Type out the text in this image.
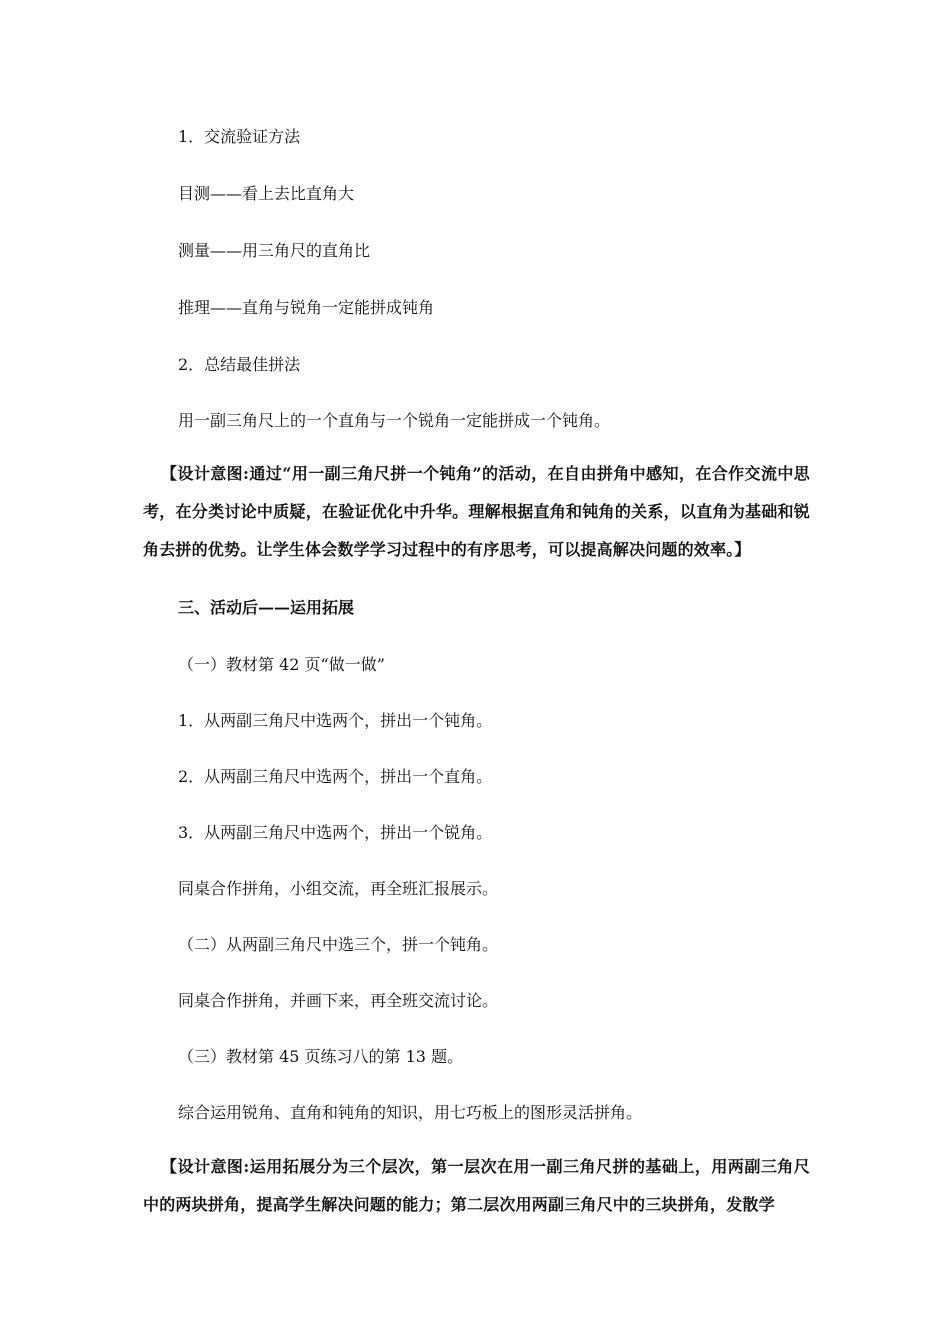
1．交流验证方法
目测——看上去比直角大
测量——用三角尺的直角比
推理——直角与锐角一定能拼成钝角
2．总结最佳拼法
用一副三角尺上的一个直角与一个锐角一定能拼成一个钝角。
【设计意图:通过“用一副三角尺拼一个钝角”的活动，在自由拼角中感知，在合作交流中思考，在分类讨论中质疑，在验证优化中升华。理解根据直角和钝角的关系，以直角为基础和锐角去拼的优势。让学生体会数学学习过程中的有序思考，可以提高解决问题的效率。】
三、活动后——运用拓展
（一）教材第 42 页“做一做”
1．从两副三角尺中选两个，拼出一个钝角。
2．从两副三角尺中选两个，拼出一个直角。
3．从两副三角尺中选两个，拼出一个锐角。
同桌合作拼角，小组交流，再全班汇报展示。
（二）从两副三角尺中选三个，拼一个钝角。
同桌合作拼角，并画下来，再全班交流讨论。
（三）教材第 45 页练习八的第 13 题。
综合运用锐角、直角和钝角的知识，用七巧板上的图形灵活拼角。
【设计意图:运用拓展分为三个层次，第一层次在用一副三角尺拼的基础上，用两副三角尺中的两块拼角，提高学生解决问题的能力；第二层次用两副三角尺中的三块拼角，发散学
